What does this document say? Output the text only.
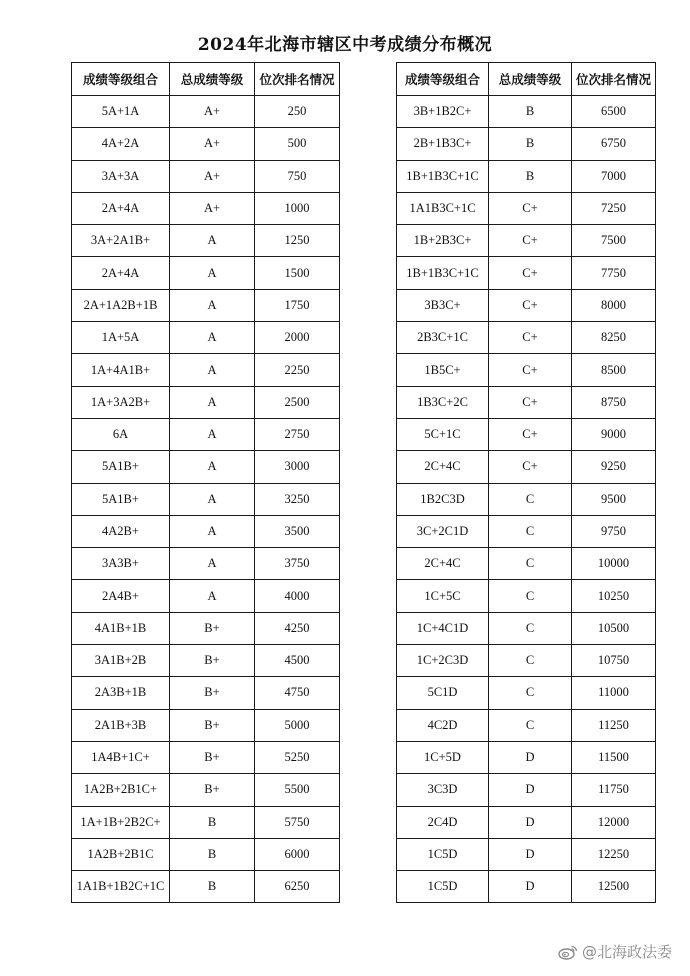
2024年北海市辖区中考成绩分布概况
成绩等级组合	总成绩等级	位次排名情况
5A+1A	A+	250
4A+2A	A+	500
3A+3A	A+	750
2A+4A	A+	1000
3A+2A1B+	A	1250
2A+4A	A	1500
2A+1A2B+1B	A	1750
1A+5A	A	2000
1A+4A1B+	A	2250
1A+3A2B+	A	2500
6A	A	2750
5A1B+	A	3000
5A1B+	A	3250
4A2B+	A	3500
3A3B+	A	3750
2A4B+	A	4000
4A1B+1B	B+	4250
3A1B+2B	B+	4500
2A3B+1B	B+	4750
2A1B+3B	B+	5000
1A4B+1C+	B+	5250
1A2B+2B1C+	B+	5500
1A+1B+2B2C+	B	5750
1A2B+2B1C	B	6000
1A1B+1B2C+1C	B	6250
成绩等级组合	总成绩等级	位次排名情况
3B+1B2C+	B	6500
2B+1B3C+	B	6750
1B+1B3C+1C	B	7000
1A1B3C+1C	C+	7250
1B+2B3C+	C+	7500
1B+1B3C+1C	C+	7750
3B3C+	C+	8000
2B3C+1C	C+	8250
1B5C+	C+	8500
1B3C+2C	C+	8750
5C+1C	C+	9000
2C+4C	C+	9250
1B2C3D	C	9500
3C+2C1D	C	9750
2C+4C	C	10000
1C+5C	C	10250
1C+4C1D	C	10500
1C+2C3D	C	10750
5C1D	C	11000
4C2D	C	11250
1C+5D	D	11500
3C3D	D	11750
2C4D	D	12000
1C5D	D	12250
1C5D	D	12500
@北海政法委
